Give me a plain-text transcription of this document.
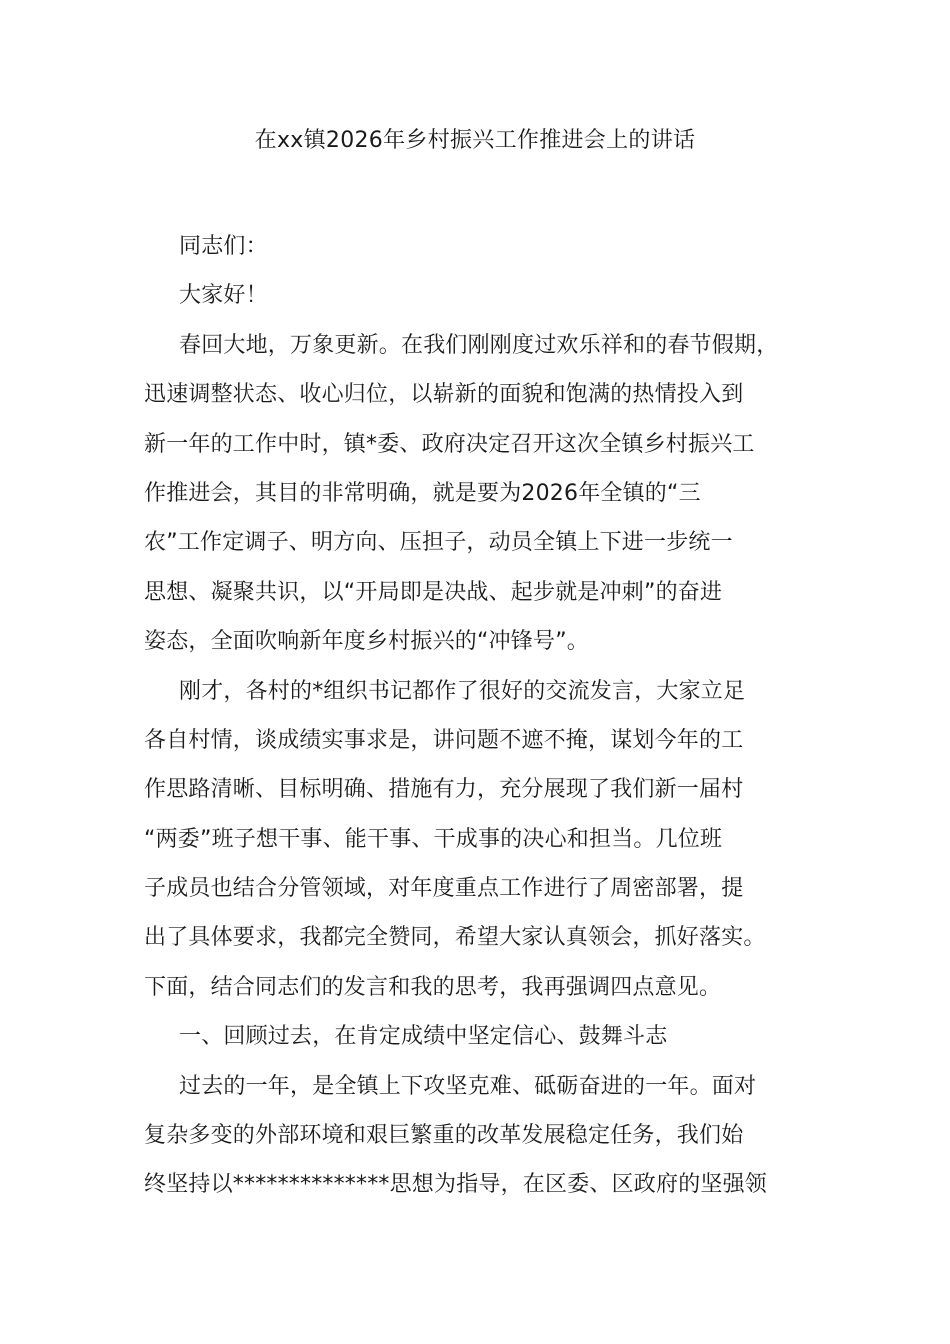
在xx镇2026年乡村振兴工作推进会上的讲话
同志们：
大家好！
春回大地，万象更新。在我们刚刚度过欢乐祥和的春节假期，
迅速调整状态、收心归位，以崭新的面貌和饱满的热情投入到
新一年的工作中时，镇*委、政府决定召开这次全镇乡村振兴工
作推进会，其目的非常明确，就是要为2026年全镇的“三
农”工作定调子、明方向、压担子，动员全镇上下进一步统一
思想、凝聚共识，以“开局即是决战、起步就是冲刺”的奋进
姿态，全面吹响新年度乡村振兴的“冲锋号”。
刚才，各村的*组织书记都作了很好的交流发言，大家立足
各自村情，谈成绩实事求是，讲问题不遮不掩，谋划今年的工
作思路清晰、目标明确、措施有力，充分展现了我们新一届村
“两委”班子想干事、能干事、干成事的决心和担当。几位班
子成员也结合分管领域，对年度重点工作进行了周密部署，提
出了具体要求，我都完全赞同，希望大家认真领会，抓好落实。
下面，结合同志们的发言和我的思考，我再强调四点意见。
一、回顾过去，在肯定成绩中坚定信心、鼓舞斗志
过去的一年，是全镇上下攻坚克难、砥砺奋进的一年。面对
复杂多变的外部环境和艰巨繁重的改革发展稳定任务，我们始
终坚持以**************思想为指导，在区委、区政府的坚强领
